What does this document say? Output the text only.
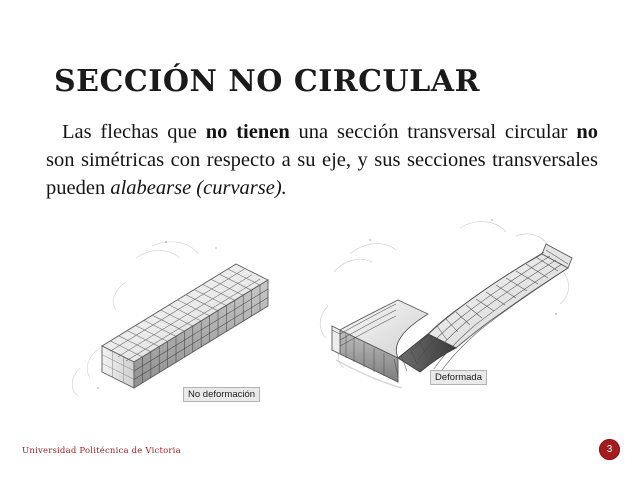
SECCIÓN NO CIRCULAR
Las flechas que no tienen una sección transversal circular no son simétricas con respecto a su eje, y sus secciones transversales pueden alabearse (curvarse).
No deformación
Deformada
Universidad Politécnica de Victoria	3
